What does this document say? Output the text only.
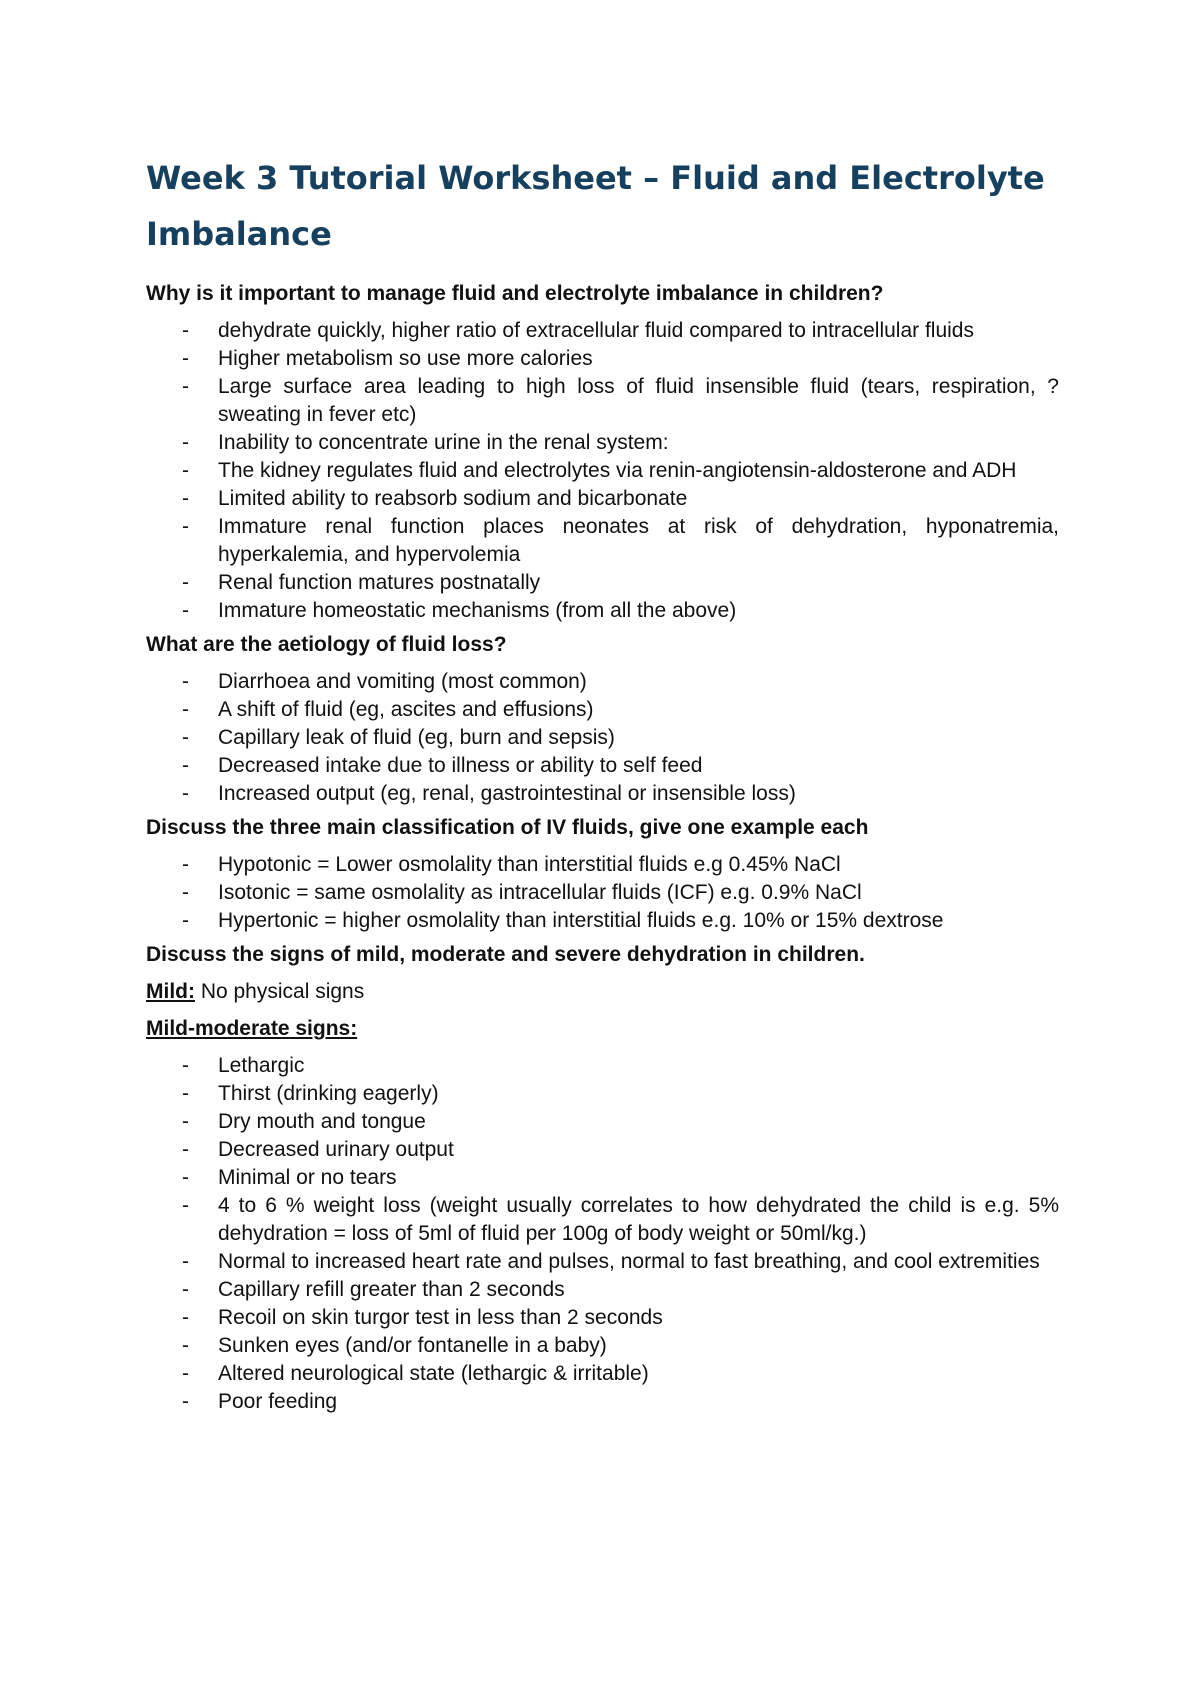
Week 3 Tutorial Worksheet – Fluid and Electrolyte Imbalance

Why is it important to manage fluid and electrolyte imbalance in children?

- dehydrate quickly, higher ratio of extracellular fluid compared to intracellular fluids
- Higher metabolism so use more calories
- Large surface area leading to high loss of fluid insensible fluid (tears, respiration, ?sweating in fever etc)
- Inability to concentrate urine in the renal system:
- The kidney regulates fluid and electrolytes via renin-angiotensin-aldosterone and ADH
- Limited ability to reabsorb sodium and bicarbonate
- Immature renal function places neonates at risk of dehydration, hyponatremia, hyperkalemia, and hypervolemia
- Renal function matures postnatally
- Immature homeostatic mechanisms (from all the above)

What are the aetiology of fluid loss?

- Diarrhoea and vomiting (most common)
- A shift of fluid (eg, ascites and effusions)
- Capillary leak of fluid (eg, burn and sepsis)
- Decreased intake due to illness or ability to self feed
- Increased output (eg, renal, gastrointestinal or insensible loss)

Discuss the three main classification of IV fluids, give one example each

- Hypotonic = Lower osmolality than interstitial fluids e.g 0.45% NaCl
- Isotonic = same osmolality as intracellular fluids (ICF) e.g. 0.9% NaCl
- Hypertonic = higher osmolality than interstitial fluids e.g. 10% or 15% dextrose

Discuss the signs of mild, moderate and severe dehydration in children.

Mild: No physical signs

Mild-moderate signs:

- Lethargic
- Thirst (drinking eagerly)
- Dry mouth and tongue
- Decreased urinary output
- Minimal or no tears
- 4 to 6 % weight loss (weight usually correlates to how dehydrated the child is e.g. 5% dehydration = loss of 5ml of fluid per 100g of body weight or 50ml/kg.)
- Normal to increased heart rate and pulses, normal to fast breathing, and cool extremities
- Capillary refill greater than 2 seconds
- Recoil on skin turgor test in less than 2 seconds
- Sunken eyes (and/or fontanelle in a baby)
- Altered neurological state (lethargic & irritable)
- Poor feeding
